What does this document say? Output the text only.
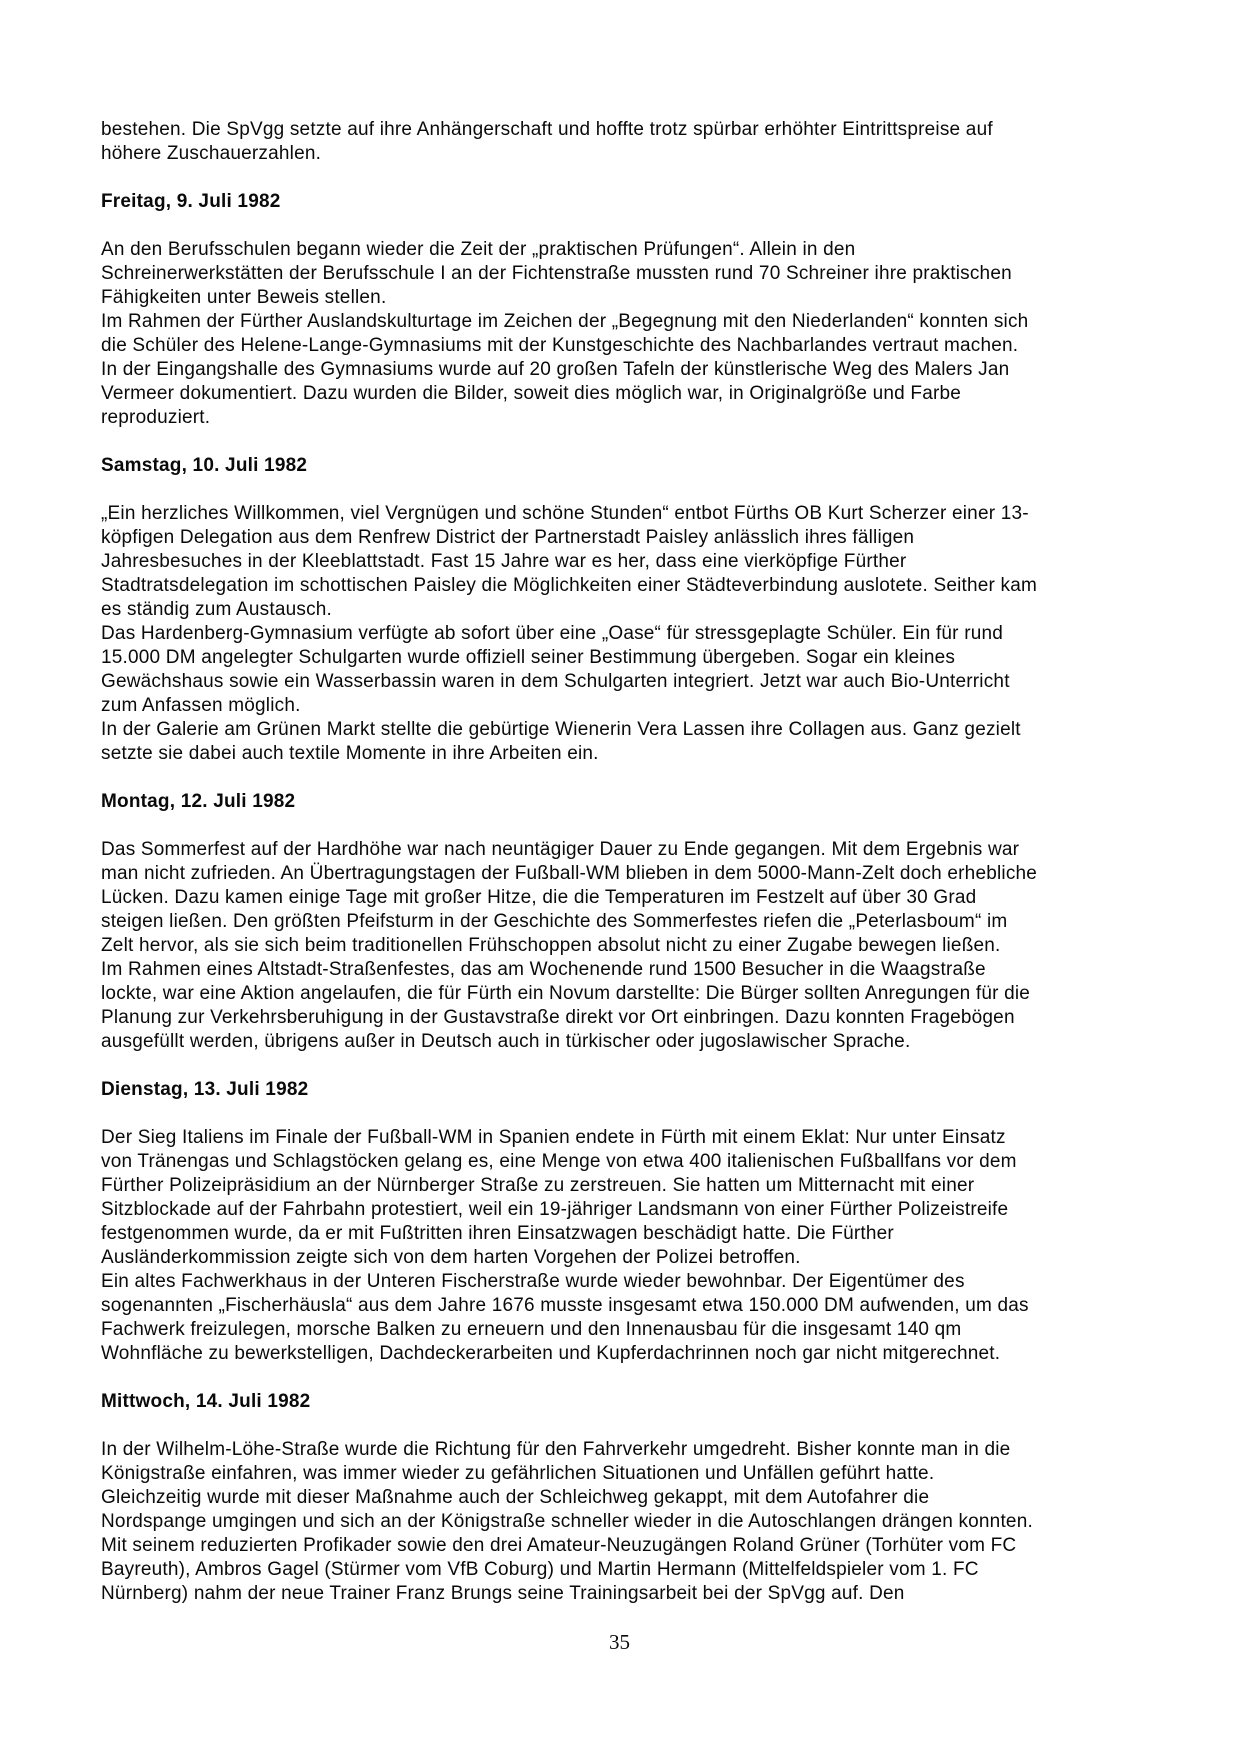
bestehen. Die SpVgg setzte auf ihre Anhängerschaft und hoffte trotz spürbar erhöhter Eintrittspreise auf
höhere Zuschauerzahlen.
Freitag, 9. Juli 1982
An den Berufsschulen begann wieder die Zeit der „praktischen Prüfungen“. Allein in den
Schreinerwerkstätten der Berufsschule I an der Fichtenstraße mussten rund 70 Schreiner ihre praktischen
Fähigkeiten unter Beweis stellen.
Im Rahmen der Fürther Auslandskulturtage im Zeichen der „Begegnung mit den Niederlanden“ konnten sich
die Schüler des Helene-Lange-Gymnasiums mit der Kunstgeschichte des Nachbarlandes vertraut machen.
In der Eingangshalle des Gymnasiums wurde auf 20 großen Tafeln der künstlerische Weg des Malers Jan
Vermeer dokumentiert. Dazu wurden die Bilder, soweit dies möglich war, in Originalgröße und Farbe
reproduziert.
Samstag, 10. Juli 1982
„Ein herzliches Willkommen, viel Vergnügen und schöne Stunden“ entbot Fürths OB Kurt Scherzer einer 13-
köpfigen Delegation aus dem Renfrew District der Partnerstadt Paisley anlässlich ihres fälligen
Jahresbesuches in der Kleeblattstadt. Fast 15 Jahre war es her, dass eine vierköpfige Fürther
Stadtratsdelegation im schottischen Paisley die Möglichkeiten einer Städteverbindung auslotete. Seither kam
es ständig zum Austausch.
Das Hardenberg-Gymnasium verfügte ab sofort über eine „Oase“ für stressgeplagte Schüler. Ein für rund
15.000 DM angelegter Schulgarten wurde offiziell seiner Bestimmung übergeben. Sogar ein kleines
Gewächshaus sowie ein Wasserbassin waren in dem Schulgarten integriert. Jetzt war auch Bio-Unterricht
zum Anfassen möglich.
In der Galerie am Grünen Markt stellte die gebürtige Wienerin Vera Lassen ihre Collagen aus. Ganz gezielt
setzte sie dabei auch textile Momente in ihre Arbeiten ein.
Montag, 12. Juli 1982
Das Sommerfest auf der Hardhöhe war nach neuntägiger Dauer zu Ende gegangen. Mit dem Ergebnis war
man nicht zufrieden. An Übertragungstagen der Fußball-WM blieben in dem 5000-Mann-Zelt doch erhebliche
Lücken. Dazu kamen einige Tage mit großer Hitze, die die Temperaturen im Festzelt auf über 30 Grad
steigen ließen. Den größten Pfeifsturm in der Geschichte des Sommerfestes riefen die „Peterlasboum“ im
Zelt hervor, als sie sich beim traditionellen Frühschoppen absolut nicht zu einer Zugabe bewegen ließen.
Im Rahmen eines Altstadt-Straßenfestes, das am Wochenende rund 1500 Besucher in die Waagstraße
lockte, war eine Aktion angelaufen, die für Fürth ein Novum darstellte: Die Bürger sollten Anregungen für die
Planung zur Verkehrsberuhigung in der Gustavstraße direkt vor Ort einbringen. Dazu konnten Fragebögen
ausgefüllt werden, übrigens außer in Deutsch auch in türkischer oder jugoslawischer Sprache.
Dienstag, 13. Juli 1982
Der Sieg Italiens im Finale der Fußball-WM in Spanien endete in Fürth mit einem Eklat: Nur unter Einsatz
von Tränengas und Schlagstöcken gelang es, eine Menge von etwa 400 italienischen Fußballfans vor dem
Fürther Polizeipräsidium an der Nürnberger Straße zu zerstreuen. Sie hatten um Mitternacht mit einer
Sitzblockade auf der Fahrbahn protestiert, weil ein 19-jähriger Landsmann von einer Fürther Polizeistreife
festgenommen wurde, da er mit Fußtritten ihren Einsatzwagen beschädigt hatte. Die Fürther
Ausländerkommission zeigte sich von dem harten Vorgehen der Polizei betroffen.
Ein altes Fachwerkhaus in der Unteren Fischerstraße wurde wieder bewohnbar. Der Eigentümer des
sogenannten „Fischerhäusla“ aus dem Jahre 1676 musste insgesamt etwa 150.000 DM aufwenden, um das
Fachwerk freizulegen, morsche Balken zu erneuern und den Innenausbau für die insgesamt 140 qm
Wohnfläche zu bewerkstelligen, Dachdeckerarbeiten und Kupferdachrinnen noch gar nicht mitgerechnet.
Mittwoch, 14. Juli 1982
In der Wilhelm-Löhe-Straße wurde die Richtung für den Fahrverkehr umgedreht. Bisher konnte man in die
Königstraße einfahren, was immer wieder zu gefährlichen Situationen und Unfällen geführt hatte.
Gleichzeitig wurde mit dieser Maßnahme auch der Schleichweg gekappt, mit dem Autofahrer die
Nordspange umgingen und sich an der Königstraße schneller wieder in die Autoschlangen drängen konnten.
Mit seinem reduzierten Profikader sowie den drei Amateur-Neuzugängen Roland Grüner (Torhüter vom FC
Bayreuth), Ambros Gagel (Stürmer vom VfB Coburg) und Martin Hermann (Mittelfeldspieler vom 1. FC
Nürnberg) nahm der neue Trainer Franz Brungs seine Trainingsarbeit bei der SpVgg auf. Den
35
